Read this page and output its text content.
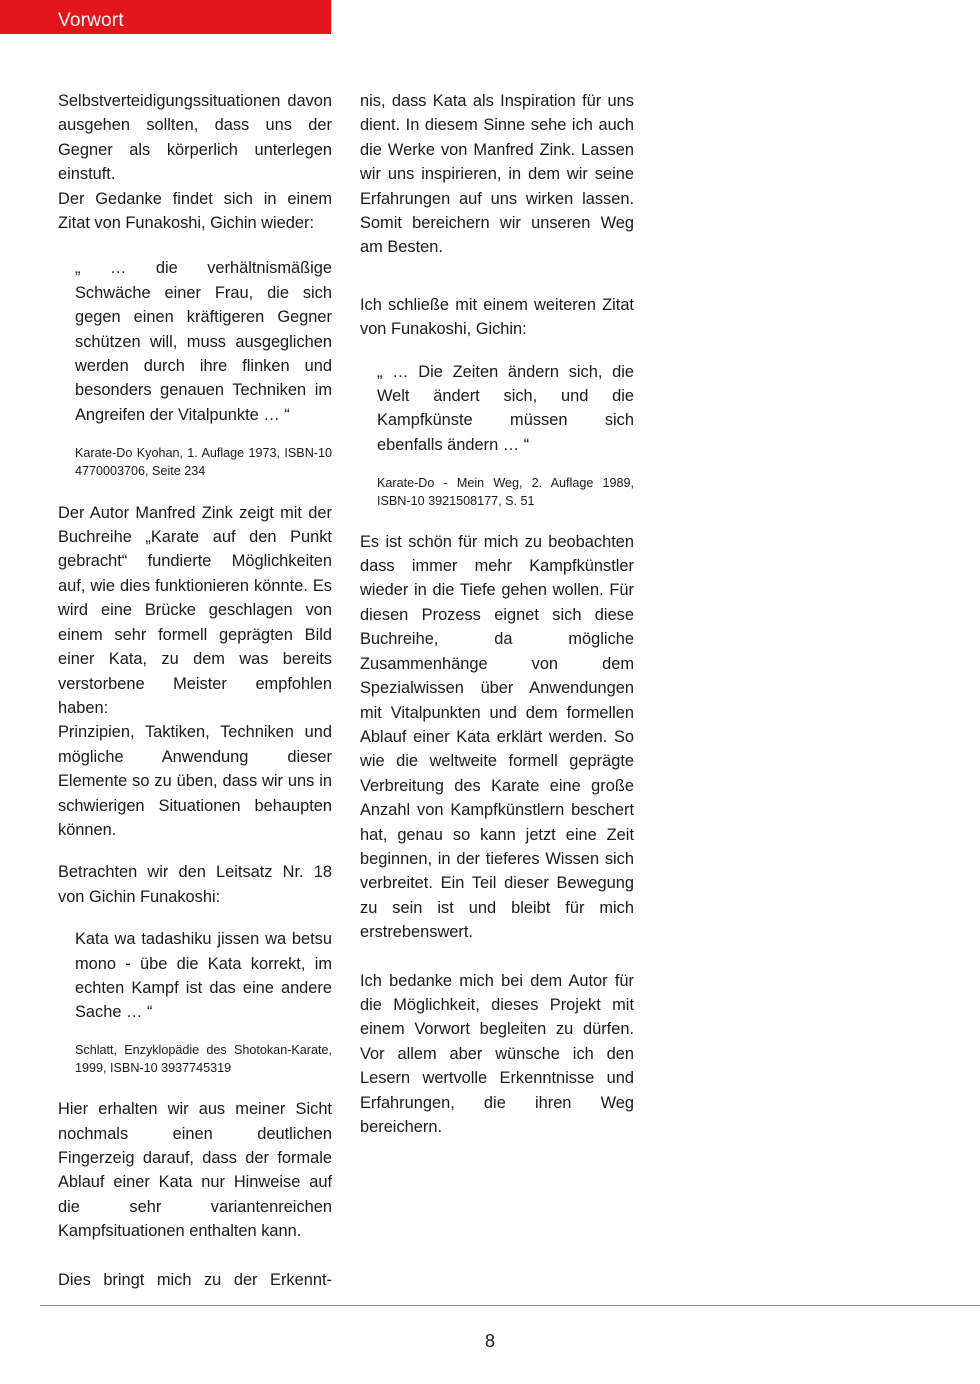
Vorwort

Selbstverteidigungssituationen davon ausgehen sollten, dass uns der Gegner als körperlich unterlegen einstuft.

Der Gedanke findet sich in einem Zitat von Funakoshi, Gichin wieder:

„ … die verhältnismäßige Schwäche einer Frau, die sich gegen einen kräftigeren Gegner schützen will, muss ausgeglichen werden durch ihre flinken und besonders genauen Techniken im Angreifen der Vitalpunkte … “

Karate-Do Kyohan, 1. Auflage 1973, ISBN-10 4770003706, Seite 234

Der Autor Manfred Zink zeigt mit der Buchreihe „Karate auf den Punkt gebracht“ fundierte Möglichkeiten auf, wie dies funktionieren könnte. Es wird eine Brücke geschlagen von einem sehr formell geprägten Bild einer Kata, zu dem was bereits verstorbene Meister empfohlen haben:

Prinzipien, Taktiken, Techniken und mögliche Anwendung dieser Elemente so zu üben, dass wir uns in schwierigen Situationen behaupten können.

Betrachten wir den Leitsatz Nr. 18 von Gichin Funakoshi:

Kata wa tadashiku jissen wa betsu mono - übe die Kata korrekt, im echten Kampf ist das eine andere Sache … “

Schlatt, Enzyklopädie des Shotokan-Karate, 1999, ISBN-10 3937745319

Hier erhalten wir aus meiner Sicht nochmals einen deutlichen Fingerzeig darauf, dass der formale Ablauf einer Kata nur Hinweise auf die sehr variantenreichen Kampfsituationen enthalten kann.

Dies bringt mich zu der Erkennt-

nis, dass Kata als Inspiration für uns dient. In diesem Sinne sehe ich auch die Werke von Manfred Zink. Lassen wir uns inspirieren, in dem wir seine Erfahrungen auf uns wirken lassen. Somit bereichern wir unseren Weg am Besten.

Ich schließe mit einem weiteren Zitat von Funakoshi, Gichin:

„ … Die Zeiten ändern sich, die Welt ändert sich, und die Kampfkünste müssen sich ebenfalls ändern … “

Karate-Do - Mein Weg, 2. Auflage 1989, ISBN-10 3921508177, S. 51

Es ist schön für mich zu beobachten dass immer mehr Kampfkünstler wieder in die Tiefe gehen wollen. Für diesen Prozess eignet sich diese Buchreihe, da mögliche Zusammenhänge von dem Spezialwissen über Anwendungen mit Vitalpunkten und dem formellen Ablauf einer Kata erklärt werden. So wie die weltweite formell geprägte Verbreitung des Karate eine große Anzahl von Kampfkünstlern beschert hat, genau so kann jetzt eine Zeit beginnen, in der tieferes Wissen sich verbreitet. Ein Teil dieser Bewegung zu sein ist und bleibt für mich erstrebenswert.

Ich bedanke mich bei dem Autor für die Möglichkeit, dieses Projekt mit einem Vorwort begleiten zu dürfen. Vor allem aber wünsche ich den Lesern wertvolle Erkenntnisse und Erfahrungen, die ihren Weg bereichern.

8
